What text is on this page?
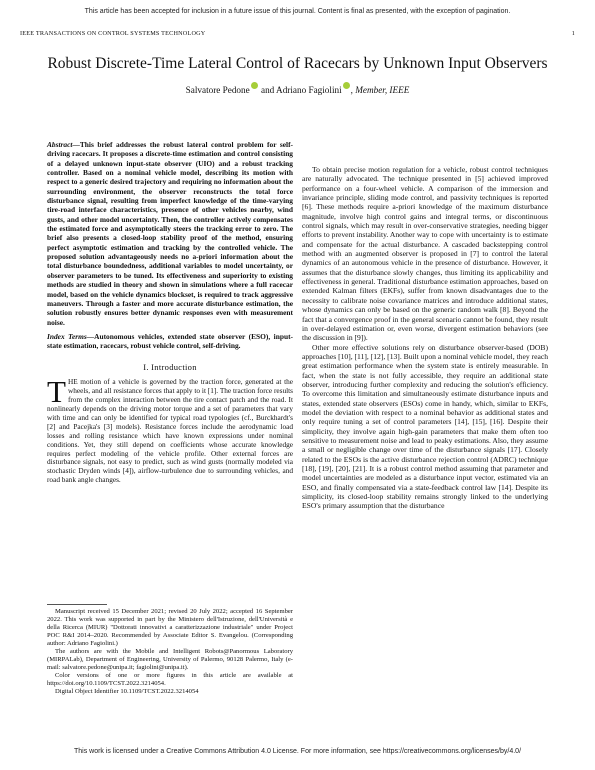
This article has been accepted for inclusion in a future issue of this journal. Content is final as presented, with the exception of pagination.
IEEE TRANSACTIONS ON CONTROL SYSTEMS TECHNOLOGY	1
Robust Discrete-Time Lateral Control of Racecars by Unknown Input Observers
Salvatore Pedone and Adriano Fagiolini , Member, IEEE
Abstract—This brief addresses the robust lateral control problem for self-driving racecars. It proposes a discrete-time estimation and control consisting of a delayed unknown input-state observer (UIO) and a robust tracking controller. Based on a nominal vehicle model, describing its motion with respect to a generic desired trajectory and requiring no information about the surrounding environment, the observer reconstructs the total force disturbance signal, resulting from imperfect knowledge of the time-varying tire-road interface characteristics, presence of other vehicles nearby, wind gusts, and other model uncertainty. Then, the controller actively compensates the estimated force and asymptotically steers the tracking error to zero. The brief also presents a closed-loop stability proof of the method, ensuring perfect asymptotic estimation and tracking by the controlled vehicle. The proposed solution advantageously needs no a-priori information about the total disturbance boundedness, additional variables to model uncertainty, or observer parameters to be tuned. Its effectiveness and superiority to existing methods are studied in theory and shown in simulations where a full racecar model, based on the vehicle dynamics blockset, is required to track aggressive maneuvers. Through a faster and more accurate disturbance estimation, the solution robustly ensures better dynamic responses even with measurement noise.
Index Terms—Autonomous vehicles, extended state observer (ESO), input-state estimation, racecars, robust vehicle control, self-driving.
I. Introduction

THE motion of a vehicle is governed by the traction force, generated at the wheels, and all resistance forces that apply to it [1]. The traction force results from the complex interaction between the tire contact patch and the road. It nonlinearly depends on the driving motor torque and a set of parameters that vary with time and can only be identified for typical road typologies (cf., Burckhardt's [2] and Pacejka's [3] models). Resistance forces include the aerodynamic load losses and rolling resistance which have known expressions under nominal conditions. Yet, they still depend on coefficients whose accurate knowledge requires perfect modeling of the vehicle profile. Other external forces are disturbance signals, not easy to predict, such as wind gusts (normally modeled via stochastic Dryden winds [4]), airflow-turbulence due to surrounding vehicles, and road bank angle changes.

To obtain precise motion regulation for a vehicle, robust control techniques are naturally advocated. The technique presented in [5] achieved improved performance on a four-wheel vehicle. A comparison of the immersion and invariance principle, sliding mode control, and passivity techniques is reported [6]. These methods require a-priori knowledge of the maximum disturbance magnitude, involve high control gains and integral terms, or discontinuous control signals, which may result in over-conservative strategies, needing bigger efforts to prevent instability. Another way to cope with uncertainty is to estimate and compensate for the actual disturbance. A cascaded backstepping control method with an augmented observer is proposed in [7] to control the lateral dynamics of an autonomous vehicle in the presence of disturbance. However, it assumes that the disturbance slowly changes, thus limiting its applicability and effectiveness in general. Traditional disturbance estimation approaches, based on extended Kalman filters (EKFs), suffer from known disadvantages due to the necessity to calibrate noise covariance matrices and introduce additional states, whose dynamics can only be based on the generic random walk [8]. Beyond the fact that a convergence proof in the general scenario cannot be found, they result in over-delayed estimation or, even worse, divergent estimation behaviors (see the discussion in [9]).

Other more effective solutions rely on disturbance observer-based (DOB) approaches [10], [11], [12], [13]. Built upon a nominal vehicle model, they reach great estimation performance when the system state is entirely measurable. In fact, when the state is not fully accessible, they require an additional state observer, introducing further complexity and reducing the solution's efficiency. To overcome this limitation and simultaneously estimate disturbance inputs and states, extended state observers (ESOs) come in handy, which, similar to EKFs, model the deviation with respect to a nominal behavior as additional states and only require tuning a set of control parameters [14], [15], [16]. Despite their simplicity, they involve again high-gain parameters that make them often too sensitive to measurement noise and lead to peaky estimations. Also, they assume a small or negligible change over time of the disturbance signals [17]. Closely related to the ESOs is the active disturbance rejection control (ADRC) technique [18], [19], [20], [21]. It is a robust control method assuming that parameter and model uncertainties are modeled as a disturbance input vector, estimated via an ESO, and finally compensated via a state-feedback control law [14]. Despite its simplicity, its closed-loop stability remains strongly linked to the underlying ESO's primary assumption that the disturbance

Manuscript received 15 December 2021; revised 20 July 2022; accepted 16 September 2022. This work was supported in part by the Ministero dell'Istruzione, dell'Università e della Ricerca (MIUR) "Dottorati innovativi a caratterizzazione industriale" under Project POC R&I 2014–2020. Recommended by Associate Editor S. Evangelou. (Corresponding author: Adriano Fagiolini.)

The authors are with the Mobile and Intelligent Robots@Panormous Laboratory (MIRPALab), Department of Engineering, University of Palermo, 90128 Palermo, Italy (e-mail: salvatore.pedone@unipa.it; fagiolini@unipa.it).

Color versions of one or more figures in this article are available at https://doi.org/10.1109/TCST.2022.3214054.

Digital Object Identifier 10.1109/TCST.2022.3214054

This work is licensed under a Creative Commons Attribution 4.0 License. For more information, see https://creativecommons.org/licenses/by/4.0/
